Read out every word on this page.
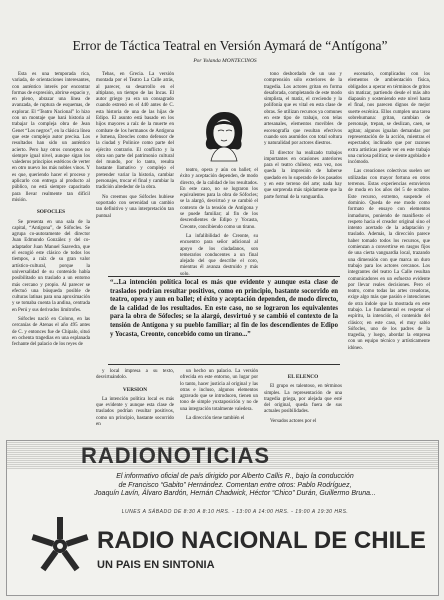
Error de Táctica Teatral en Versión Aymará de “Antígona”
Por Yolanda MONTECINOS

Esta es una temporada rica, variada, de orientaciones interesantes, con auténtico interés por encontrar formas de expresión, abrirse espacio y, en pleno, abrazar una línea de avanzada, de ruptura de esquemas, de explorar. El “Teatro Nacional” lo hizo con un montaje que hará historia al trabajar la compleja obra de Jean Genet “Los negros”, en la clásica línea que este complejo autor precisa. Los resultados han sido un auténtico acierto. Pero hay otros conceptos no siempre igual nivel, aunque sigan los valederos principios estéticos de verter en otro nuevo los más nobles vinos. Y es que, queriendo hacer el proceso y aplicarlo con entrega al producto al público, no está siempre capacitado para llevar realmente tan difícil misión.

SOFOCLES

Se presenta en una sala de la capital, “Antígona”, de Sófocles. Se agrupa co-autoramente del director Juan Edmundo González y del co-adaptador Juan Manuel Saavedra, que el escogió este clásico de todos los tiempos, a raíz de su gran valor artístico-cultural, porque la universalidad de su contenido había posibilitado un traslado a un entorno más cercano y propio. Al parecer se efectuó una búsqueda posible de culturas latinas para una aproximación y se tomaba cuenta la andina, centrada en Perú y sus derivados limítrofes.

Sófocles nació en Colono, en las cercanías de Atenas el año 495 antes de C. y entonces fue de Chipalo, situó en ochenta tragedias en una esplanada fechante del palacio de los reyes de

Tebas, en Grecia. La versión montada por el Teatro La Calle atrás, al parecer, su desarrollo en el altiplano, un tiempo de las Incas. El autor griego ya era un consagrado cuando estrenó en el 440 antes de C. esta historia de una de las hijas de Edipo. El asunto está basado en los hijos mayores a raíz de la muerte en combate de los hermanos de Antígona e Ismena, Eteocles como defensor de la ciudad y Polinice como parte del ejército contrario. El conflicto y la obra son parte del patrimonio cultural del mundo, por lo tanto, resulta bastante llamativo y complejo el pretender variar la historia, cambiar personajes, trocar el final y cambiar la tradición alrededor de la obra.

No creemos que Sófocles hubiese soportado con serenidad un cambio tan definitivo y una interpretación tan puntual

teatro, opera y aún on ballet; el éxito y aceptación dependen, de modo directo, de la calidad de los resultados. En este caso, no se lograron los equivalentes para la obra de Sófocles; se la alargó, desvirtuó y se cambió el contexto de la tensión de Antígona y se puede familiar; al fin de los descendientes de Edipo y Yocasta, Creonte, concibiendo como un tirano.

La infalibilidad de Creonte, su encuentro para señor adicional al apoyo de los ciudadanos, son temerarios conducentes a un final alejado del que describe el coro, mientras él avanza destruido y más solo.

tono desbordado de un uso y comprensión sólo exteriores de la tragedia. Los actores gritan en forma desaforada, completando de este modo simplista, el matiz, el creciendo y la polifonía que es vital en esta clase de obras. Se utilizan recursos ya comunes en este tipo de trabajo, con telas artesanales, elementos movibles de escenografía que resultan efectivos cuando son asumidos con total soltura y naturalidad por actores diestros.

El director ha realizado trabajos importantes en ocasiones anteriores para el teatro chileno; esta vez, nos queda la impresión de haberse quedado en lo superado de los pasados y en este terreno del arte; nada hay que sorprenda más rápidamente que la parte formal de la vanguardia.

escenario, complicados con los elementos de ambientación física, obligados a operar en términos de gritos sin matizar, partiendo desde el más alto diapasón y sosteniendo este nivel hasta el final, nos parecen dignos de mejor suerte escénica. Ellos cumplen una tarea sobrehumana: gritan, cambian de personaje, trepan, se deslizan, caen, se agitan; algunos igualan demandas por representación de la acción, mientras el espectador, inclinado que por razones extra artísticas puede ver en este trabajo una curiosa política; se siente agobiado e incómodo.

Las creaciones colectivas suelen ser utilizadas con mayor fortuna en otros terrenos. Estas experiencias estuvieron de moda en los años del 5 de octubre. Este recurso, extremo, suspende el dominio. Queda de ese modo como formato de ensayo con elementos inmaduros, poniendo de manifiesto el respeto hacia el creador original sino el intento acertado de la adaptación y traslado. Además, la dirección parece haber tomado todos los recursos, que comienzan a convertirse en rasgos fijos de una cierta vanguardia local, trazando una dimensión con que marca un duro trabajo para los actores cercanos. Los integrantes del teatro La Calle resultan comunicadores en un esfuerzo evidente por llevar reales decisiones. Pero el teatro, como todas las artes creadoras, exige algo más que pasión e intenciones de otra índole que la mostrada en este trabajo. Lo fundamental es respetar el espíritu, la intención, el contenido del clásico; en este caso, el muy sabio Sófocles, uno de los padres de la tragedia, y luego, abordar la empresa con un equipo técnico y artísticamente idóneo.

“...La intención política local es más que evidente y aunque esta clase de traslados podrían resultar positivos, como en principio, bastante socorrido en teatro, opera y aun en ballet; el éxito y aceptación dependen, de modo directo, de la calidad de los resultados. En este caso, no se lograron los equivalentes para la obra de Sófocles; se la alargó, desvirtuó y se cambió el contexto de la tensión de Antígona y su pueblo familiar; al fin de los descendientes de Edipo y Yocasta, Creonte, concebido como un tirano...”

y local impresa a su texto, desvirtuándolo.

VERSION

La intención política local es más que evidente y aunque esta clase de traslados podrían resultar positivos, como un principio, bastante socorrido en

un hecho un palacio. La versión ofrecida en este entorno, un lugar por lo tanto, hacer justicia al original y las otras e incluso, algunos elementos agravado que se introducen, tienen un tono de simple yuxtaposición y no de una integración totalmente valedera.

La dirección tiene también el

EL ELENCO

El grupo es talentoso, en términos simples. La representación de una tragedia griega, por alejada que esté del original, queda fuera de sus actuales posibilidades.

Versados actores por el

RADIONOTICIAS
El informativo oficial de país dirigido por Alberto Callis R., bajo la conducción
de Francisco “Gabito” Hernández. Comentan entre otros: Pablo Rodríguez,
Joaquín Lavín, Álvaro Bardón, Hernán Chadwick, Héctor “Chico” Durán, Guillermo Bruna...
LUNES A SÁBADO DE 8:30 A 8:10 HRS. - 13:00 A 14:00 HRS. - 19:00 A 19:30 HRS.
RADIO NACIONAL DE CHILE
UN PAIS EN SINTONIA
